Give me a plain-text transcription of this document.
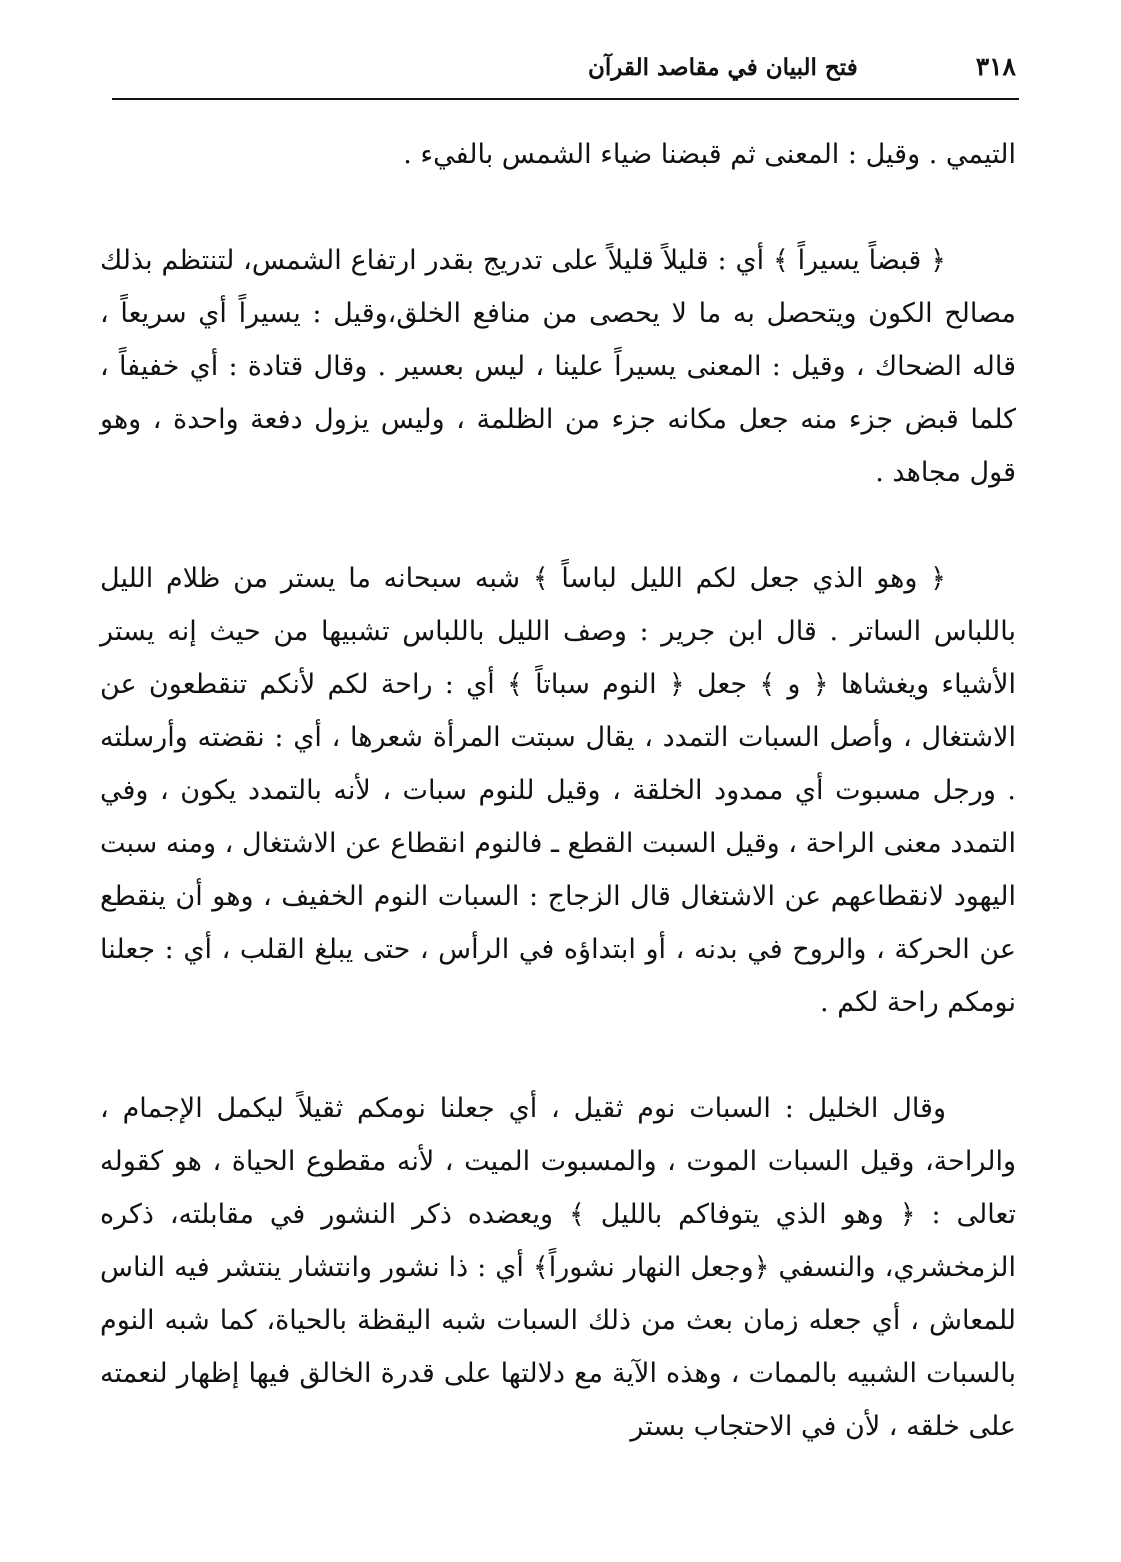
٣١٨
فتح البيان في مقاصد القرآن

التيمي . وقيل : المعنى ثم قبضنا ضياء الشمس بالفيء .

﴿ قبضاً يسيراً ﴾ أي : قليلاً قليلاً على تدريج بقدر ارتفاع الشمس، لتنتظم بذلك مصالح الكون ويتحصل به ما لا يحصى من منافع الخلق،وقيل : يسيراً أي سريعاً ، قاله الضحاك ، وقيل : المعنى يسيراً علينا ، ليس بعسير . وقال قتادة : أي خفيفاً ، كلما قبض جزء منه جعل مكانه جزء من الظلمة ، وليس يزول دفعة واحدة ، وهو قول مجاهد .

﴿ وهو الذي جعل لكم الليل لباساً ﴾ شبه سبحانه ما يستر من ظلام الليل باللباس الساتر . قال ابن جرير : وصف الليل باللباس تشبيها من حيث إنه يستر الأشياء ويغشاها ﴿ و ﴾ جعل ﴿ النوم سباتاً ﴾ أي : راحة لكم لأنكم تنقطعون عن الاشتغال ، وأصل السبات التمدد ، يقال سبتت المرأة شعرها ، أي : نقضته وأرسلته . ورجل مسبوت أي ممدود الخلقة ، وقيل للنوم سبات ، لأنه بالتمدد يكون ، وفي التمدد معنى الراحة ، وقيل السبت القطع ـ فالنوم انقطاع عن الاشتغال ، ومنه سبت اليهود لانقطاعهم عن الاشتغال قال الزجاج : السبات النوم الخفيف ، وهو أن ينقطع عن الحركة ، والروح في بدنه ، أو ابتداؤه في الرأس ، حتى يبلغ القلب ، أي : جعلنا نومكم راحة لكم .

وقال الخليل : السبات نوم ثقيل ، أي جعلنا نومكم ثقيلاً ليكمل الإجمام ، والراحة، وقيل السبات الموت ، والمسبوت الميت ، لأنه مقطوع الحياة ، هو كقوله تعالى : ﴿ وهو الذي يتوفاكم بالليل ﴾ ويعضده ذكر النشور في مقابلته، ذكره الزمخشري، والنسفي ﴿وجعل النهار نشوراً﴾ أي : ذا نشور وانتشار ينتشر فيه الناس للمعاش ، أي جعله زمان بعث من ذلك السبات شبه اليقظة بالحياة، كما شبه النوم بالسبات الشبيه بالممات ، وهذه الآية مع دلالتها على قدرة الخالق فيها إظهار لنعمته على خلقه ، لأن في الاحتجاب بستر
